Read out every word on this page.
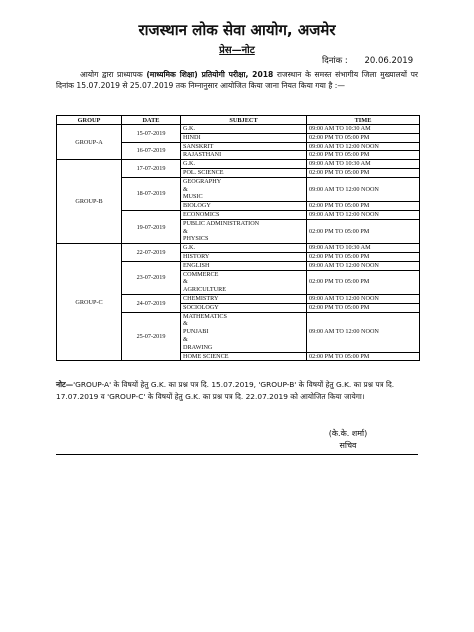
राजस्थान लोक सेवा आयोग, अजमेर
प्रेस—नोट
दिनांक : 20.06.2019
आयोग द्वारा प्राध्यापक (माध्यमिक शिक्षा) प्रतियोगी परीक्षा, 2018 राजस्थान के समस्त संभागीय जिला मुख्यालयों पर दिनांक 15.07.2019 से 25.07.2019 तक निम्नानुसार आयोजित किया जाना नियत किया गया है :—
GROUP	DATE	SUBJECT	TIME
GROUP-A	15-07-2019	G.K.	09:00 AM TO 10:30 AM

		HINDI	02:00 PM TO 05:00 PM
	16-07-2019	SANSKRIT	09:00 AM TO 12:00 NOON

		RAJASTHANI	02:00 PM TO 05:00 PM
GROUP-B	17-07-2019	G.K.	09:00 AM TO 10:30 AM

		POL. SCIENCE	02:00 PM TO 05:00 PM
	18-07-2019	GEOGRAPHY
&
MUSIC	09:00 AM TO 12:00 NOON

		BIOLOGY	02:00 PM TO 05:00 PM
	19-07-2019	ECONOMICS	09:00 AM TO 12:00 NOON

		PUBLIC ADMINISTRATION
&
PHYSICS	02:00 PM TO 05:00 PM
GROUP-C	22-07-2019	G.K.	09:00 AM TO 10:30 AM

		HISTORY	02:00 PM TO 05:00 PM
	23-07-2019	ENGLISH	09:00 AM TO 12:00 NOON

		COMMERCE
&
AGRICULTURE	02:00 PM TO 05:00 PM
	24-07-2019	CHEMISTRY	09:00 AM TO 12:00 NOON

		SOCIOLOGY	02:00 PM TO 05:00 PM
	25-07-2019	MATHEMATICS
&
PUNJABI
&
DRAWING	09:00 AM TO 12:00 NOON

		HOME SCIENCE	02:00 PM TO 05:00 PM
नोट—'GROUP-A' के विषयों हेतु G.K. का प्रश्न पत्र दि. 15.07.2019, 'GROUP-B' के विषयों हेतु G.K. का प्रश्न पत्र दि. 17.07.2019 व 'GROUP-C' के विषयों हेतु G.K. का प्रश्न पत्र दि. 22.07.2019 को आयोजित किया जायेगा।
(के.के. शर्मा)
सचिव
